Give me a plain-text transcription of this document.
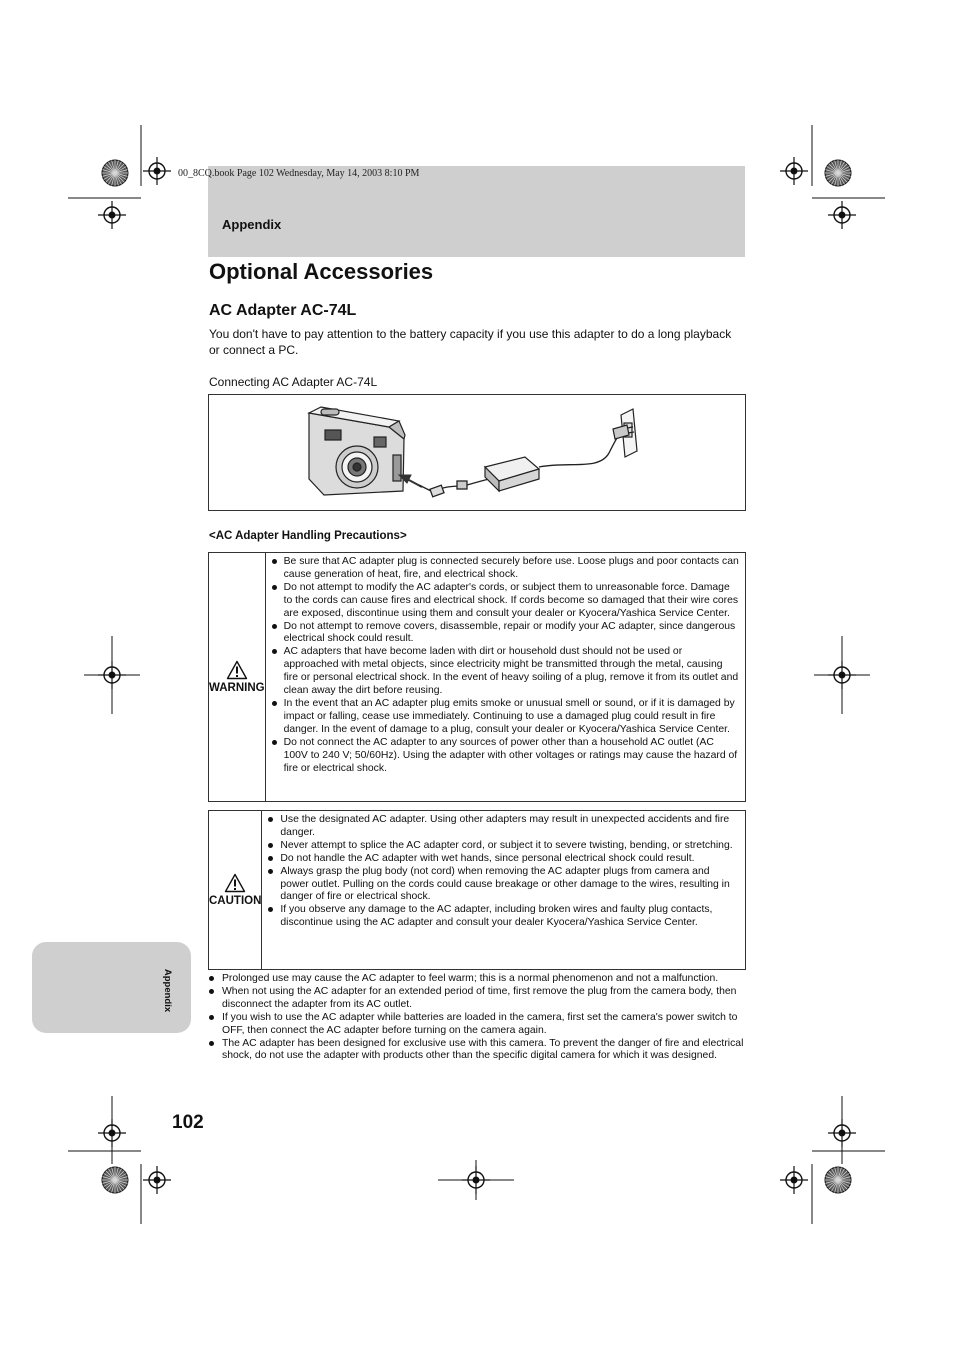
00_8CQ.book Page 102 Wednesday, May 14, 2003 8:10 PM
Appendix
Optional Accessories
AC Adapter AC-74L

You don't have to pay attention to the battery capacity if you use this adapter to do a long playback or connect a PC.

Connecting AC Adapter AC-74L
<AC Adapter Handling Precautions>
WARNING
Be sure that AC adapter plug is connected securely before use. Loose plugs and poor contacts can cause generation of heat, fire, and electrical shock.
Do not attempt to modify the AC adapter's cords, or subject them to unreasonable force. Damage to the cords can cause fires and electrical shock. If cords become so damaged that their wire cores are exposed, discontinue using them and consult your dealer or Kyocera/Yashica Service Center.
Do not attempt to remove covers, disassemble, repair or modify your AC adapter, since dangerous electrical shock could result.
AC adapters that have become laden with dirt or household dust should not be used or approached with metal objects, since electricity might be transmitted through the metal, causing fire or personal electrical shock. In the event of heavy soiling of a plug, remove it from its outlet and clean away the dirt before reusing.
In the event that an AC adapter plug emits smoke or unusual smell or sound, or if it is damaged by impact or falling, cease use immediately. Continuing to use a damaged plug could result in fire danger. In the event of damage to a plug, consult your dealer or Kyocera/Yashica Service Center.
Do not connect the AC adapter to any sources of power other than a household AC outlet (AC 100V to 240 V; 50/60Hz). Using the adapter with other voltages or ratings may cause the hazard of fire or electrical shock.
CAUTION
Use the designated AC adapter. Using other adapters may result in unexpected accidents and fire danger.
Never attempt to splice the AC adapter cord, or subject it to severe twisting, bending, or stretching.
Do not handle the AC adapter with wet hands, since personal electrical shock could result.
Always grasp the plug body (not cord) when removing the AC adapter plugs from camera and power outlet. Pulling on the cords could cause breakage or other damage to the wires, resulting in danger of fire or electrical shock.
If you observe any damage to the AC adapter, including broken wires and faulty plug contacts, discontinue using the AC adapter and consult your dealer Kyocera/Yashica Service Center.
Prolonged use may cause the AC adapter to feel warm; this is a normal phenomenon and not a malfunction.
When not using the AC adapter for an extended period of time, first remove the plug from the camera body, then disconnect the adapter from its AC outlet.
If you wish to use the AC adapter while batteries are loaded in the camera, first set the camera's power switch to OFF, then connect the AC adapter before turning on the camera again.
The AC adapter has been designed for exclusive use with this camera. To prevent the danger of fire and electrical shock, do not use the adapter with products other than the specific digital camera for which it was designed.
Appendix
102
